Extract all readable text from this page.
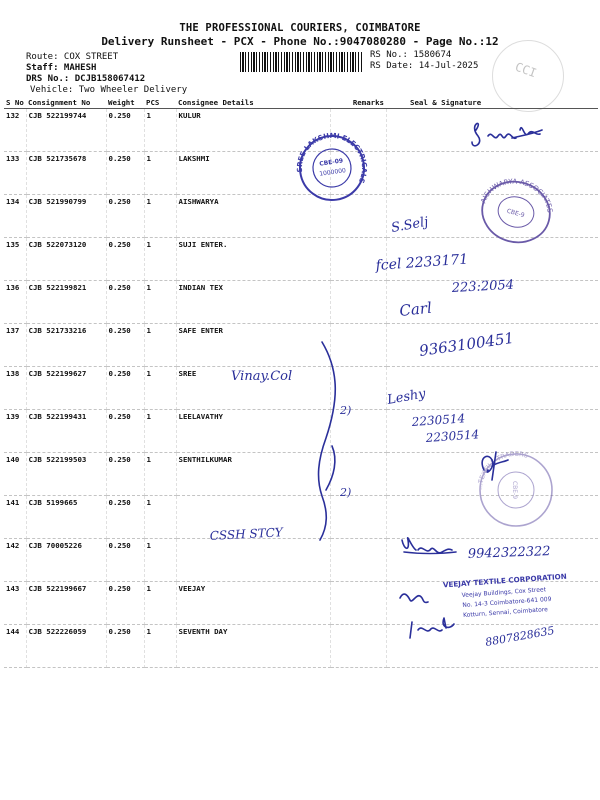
THE PROFESSIONAL COURIERS, COIMBATORE
Delivery Runsheet - PCX - Phone No.:9047080280 - Page No.:12
Route: COX STREET
Staff: MAHESH
DRS No.: DCJB158067412
Vehicle: Two Wheeler Delivery
RS No.: 1580674
RS Date: 14-Jul-2025	CCI
S No	Consignment No	Weight	PCS	Consignee Details	Remarks	Seal & Signature
132	CJB 522199744	0.250	1	KULUR		
133	CJB 521735678	0.250	1	LAKSHMI		
134	CJB 521990799	0.250	1	AISHWARYA		
135	CJB 522073120	0.250	1	SUJI ENTER.		
136	CJB 522199821	0.250	1	INDIAN TEX		
137	CJB 521733216	0.250	1	SAFE ENTER		
138	CJB 522199627	0.250	1	SREE		
139	CJB 522199431	0.250	1	LEELAVATHY		
140	CJB 522199503	0.250	1	SENTHILKUMAR		
141	CJB 5199665	0.250	1			
142	CJB 70005226	0.250	1			
143	CJB 522199667	0.250	1	VEEJAY		
144	CJB 522226059	0.250	1	SEVENTH DAY		
SREE LAKSHMI ELECTRICALS
CBE-09
1000000
AISHWARYA ASSOCIATES
CBE-9
...TEXTILE TRADERS
CBE-9
VEEJAY TEXTILE CORPORATION
Veejay Buildings, Cox Street
No. 14-3 Coimbatore-641 009
Kotturn, Sennai, Coimbatore
Vinay.Col
CSSH STCY
2)
2)
S.Selj
fcel 2233171
223:2054
Carl
9363100451
Leshy
2230514
2230514
9942322322
8807828635
